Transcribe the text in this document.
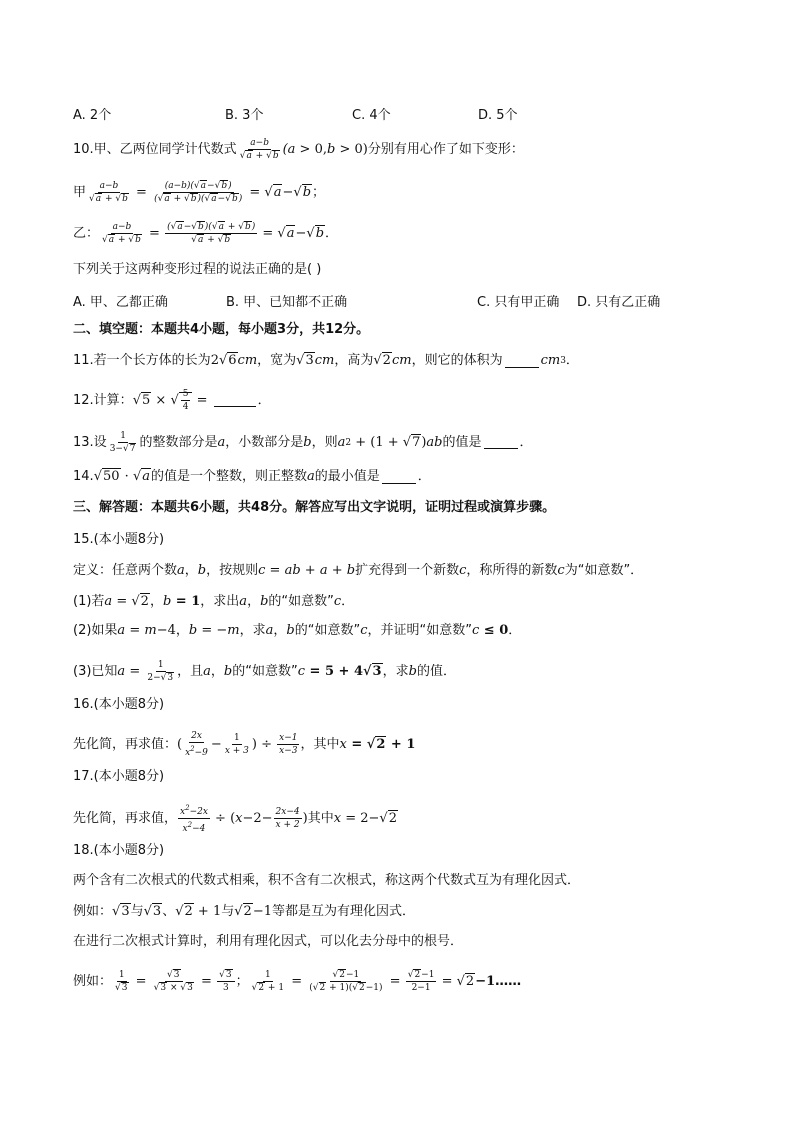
A. 2个	B. 3个	C. 4个	D. 5个
10.甲、乙两位同学计代数式 $\frac{a-b}{√a + √b} (a > 0$, b > 0) 分别有用心作了如下变形：
甲 $\frac{a-b}{√a + √b} = \frac{(a-b)(√a-√b)}{(√a + √b)(√a-√b)} = √a - √b$ ；
乙： $\frac{a-b}{√a + √b} = \frac{(√a-√b)(√a + √b)}{√a + √b} = √a - √b$ ．
下列关于这两种变形过程的说法正确的是( )
A. 甲、乙都正确	B. 甲、已知都不正确	C. 只有甲正确 D. 只有乙正确
二、填空题：本题共4小题，每小题3分，共12分。
11.若一个长方体的长为 2 √6 cm ，宽为 √3 cm ，高为 √2 cm ，则它的体积为	cm 3 ．
12.计算： √5 × √ $\frac{5}{4}$ =	．
13.设 $\frac{1}{3-√7}$ 的整数部分是 a ，小数部分是 b ，则 a 2 + (1 + √7 ) ab 的值是	．
14. √50 · √a 的值是一个整数，则正整数 a 的最小值是	．
三、解答题：本题共6小题，共48分。解答应写出文字说明，证明过程或演算步骤。
15.(本小题8分)
定义：任意两个数 a ， b ，按规则 c = ab + a + b 扩充得到一个新数 c ，称所得的新数 c 为“如意数”．
(1)若 a = √2 ， b = 1 ，求出 a ， b 的“如意数” c ．
(2)如果 a = m −4 ， b = − m ，求 a ， b 的“如意数” c ，并证明“如意数” c ≤ 0 ．
(3)已知 $a = \frac{1}{2-√3}$ ，且 a ， b 的“如意数” c = 5 + 4 √3 ，求 b 的值．
16.(本小题8分)
先化简，再求值： ( $\frac{2x}{x^2-9} - \frac{1}{x + 3}$ ) ÷ $\frac{x-1}{x-3}$ ，其中 x = √2 + 1
17.(本小题8分)
先化简，再求值， $\frac{x^2-2x}{x^2-4}$ ÷ ( $x -2- \frac{2x-4}{x + 2}$ ) 其中 x = 2− √2
18.(本小题8分)
两个含有二次根式的代数式相乘，积不含有二次根式，称这两个代数式互为有理化因式．
例如： √3 与 √3 、 √2 + 1 与 √2 −1 等都是互为有理化因式．
在进行二次根式计算时，利用有理化因式，可以化去分母中的根号．
例如： $\frac{1}{√3} = \frac{√3}{√3 \times √3} = \frac{√3}{3}$ ； $\frac{1}{√2 + 1} = \frac{√2-1}{(√2 + 1)(√2-1)} = \frac{√2-1}{2-1} = √2 -1$ ……
